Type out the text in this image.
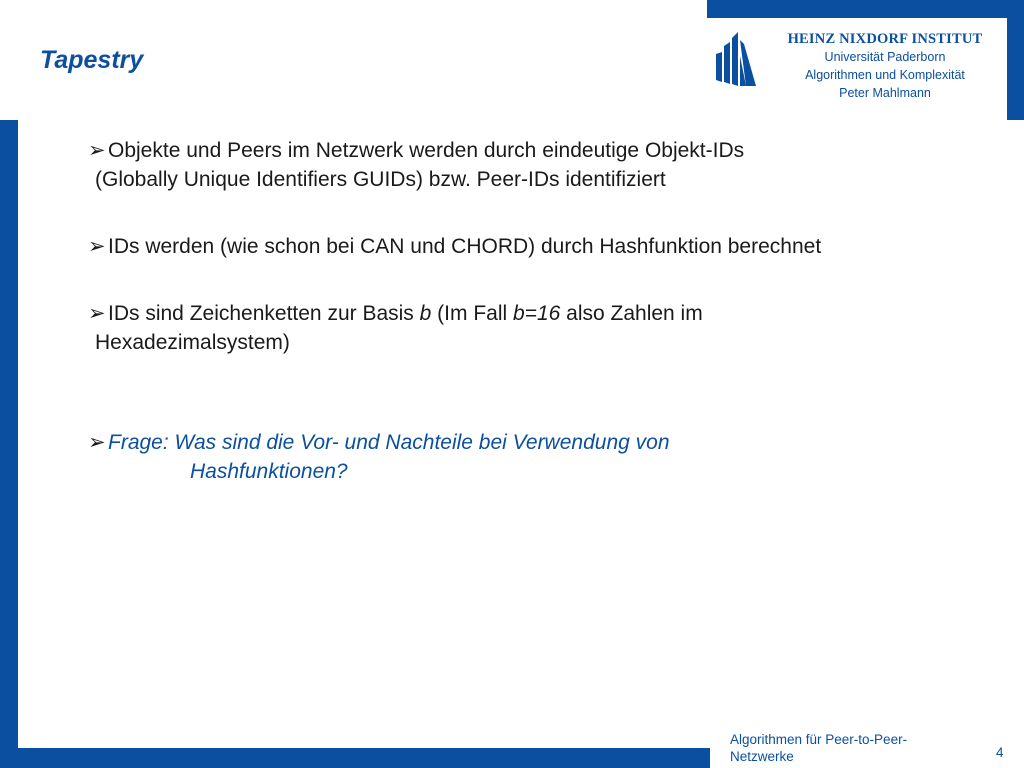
Tapestry
HEINZ NIXDORF INSTITUT
Universität Paderborn
Algorithmen und Komplexität
Peter Mahlmann
➢ Objekte und Peers im Netzwerk werden durch eindeutige Objekt-IDs
(Globally Unique Identifiers GUIDs) bzw. Peer-IDs identifiziert
➢ IDs werden (wie schon bei CAN und CHORD) durch Hashfunktion berechnet
➢ IDs sind Zeichenketten zur Basis b (Im Fall b=16 also Zahlen im
Hexadezimalsystem)
➢ Frage: Was sind die Vor- und Nachteile bei Verwendung von
Hashfunktionen?
Algorithmen für Peer-to-Peer-
Netzwerke	4
